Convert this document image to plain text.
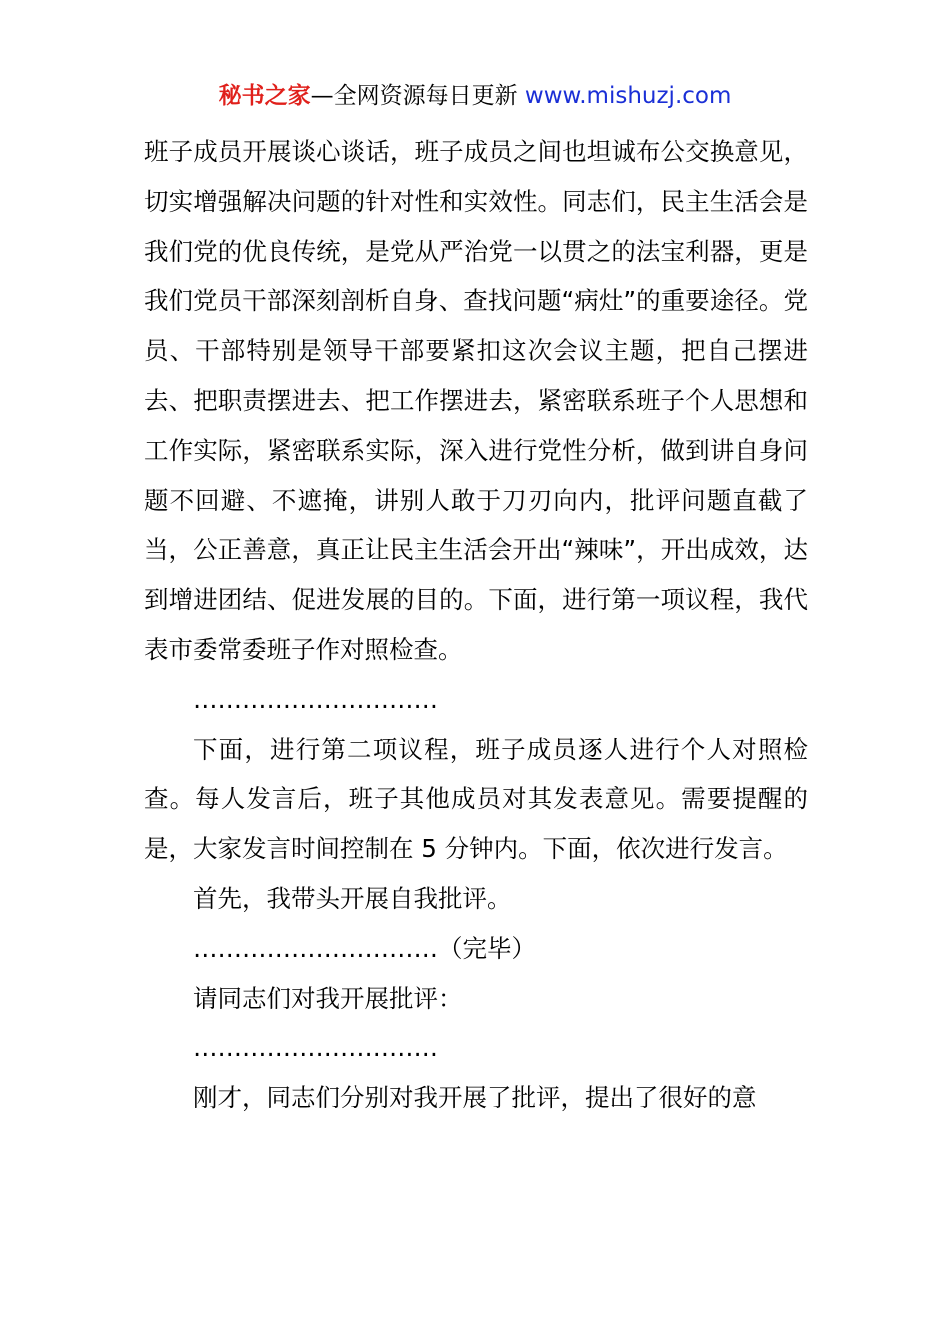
秘书之家—全网资源每日更新 www.mishuzj.com

班子成员开展谈心谈话，班子成员之间也坦诚布公交换意见，切实增强解决问题的针对性和实效性。同志们，民主生活会是我们党的优良传统，是党从严治党一以贯之的法宝利器，更是我们党员干部深刻剖析自身、查找问题“病灶”的重要途径。党员、干部特别是领导干部要紧扣这次会议主题，把自己摆进去、把职责摆进去、把工作摆进去，紧密联系班子个人思想和工作实际，紧密联系实际，深入进行党性分析，做到讲自身问题不回避、不遮掩，讲别人敢于刀刃向内，批评问题直截了当，公正善意，真正让民主生活会开出“辣味”，开出成效，达到增进团结、促进发展的目的。下面，进行第一项议程，我代表市委常委班子作对照检查。

…………………………

下面，进行第二项议程，班子成员逐人进行个人对照检查。每人发言后，班子其他成员对其发表意见。需要提醒的是，大家发言时间控制在 5 分钟内。下面，依次进行发言。

首先，我带头开展自我批评。

…………………………（完毕）

请同志们对我开展批评：

…………………………

刚才，同志们分别对我开展了批评，提出了很好的意
